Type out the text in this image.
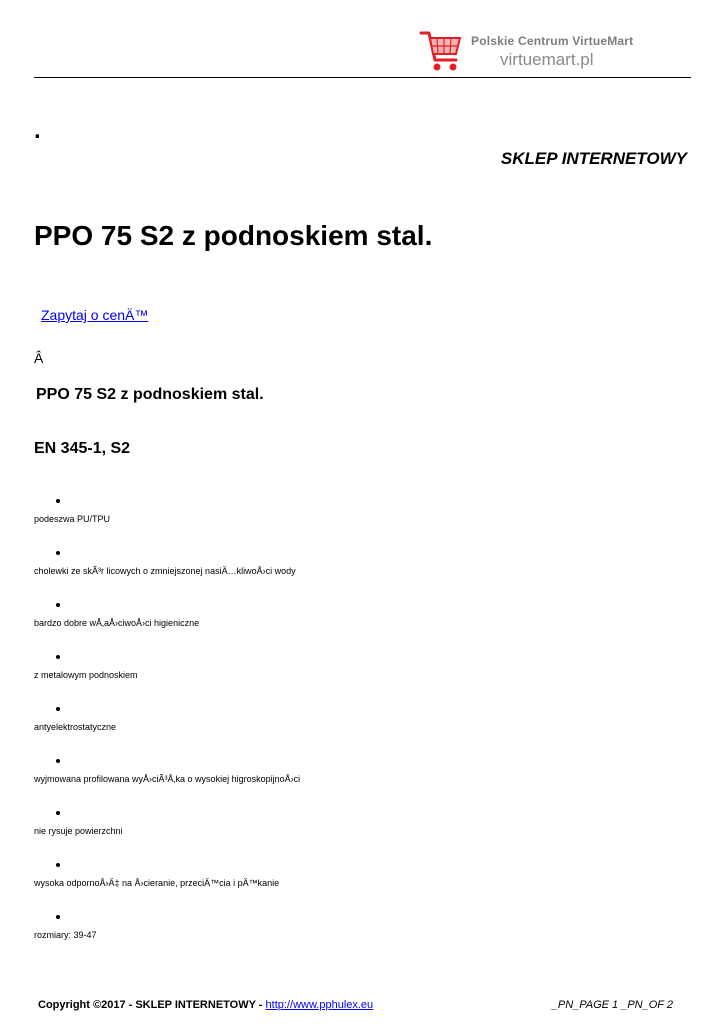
Polskie Centrum VirtueMart
virtuemart.pl
.
SKLEP INTERNETOWY
PPO 75 S2 z podnoskiem stal.
Zapytaj o cenÄ™
Â
PPO 75 S2 z podnoskiem stal.
EN 345-1, S2
podeszwa PU/TPU
cholewki ze skÃ³r licowych o zmniejszonej nasiÄ…kliwoÅ›ci wody
bardzo dobre wÅ‚aÅ›ciwoÅ›ci higieniczne
z metalowym podnoskiem
antyelektrostatyczne
wyjmowana profilowana wyÅ›ciÃ³Å‚ka o wysokiej higroskopijnoÅ›ci
nie rysuje powierzchni
wysoka odpornoÅ›Ä‡ na Å›cieranie, przeciÄ™cia i pÄ™kanie
rozmiary: 39-47
Copyright ©2017 - SKLEP INTERNETOWY - http://www.pphulex.eu	_PN_PAGE 1 _PN_OF 2
